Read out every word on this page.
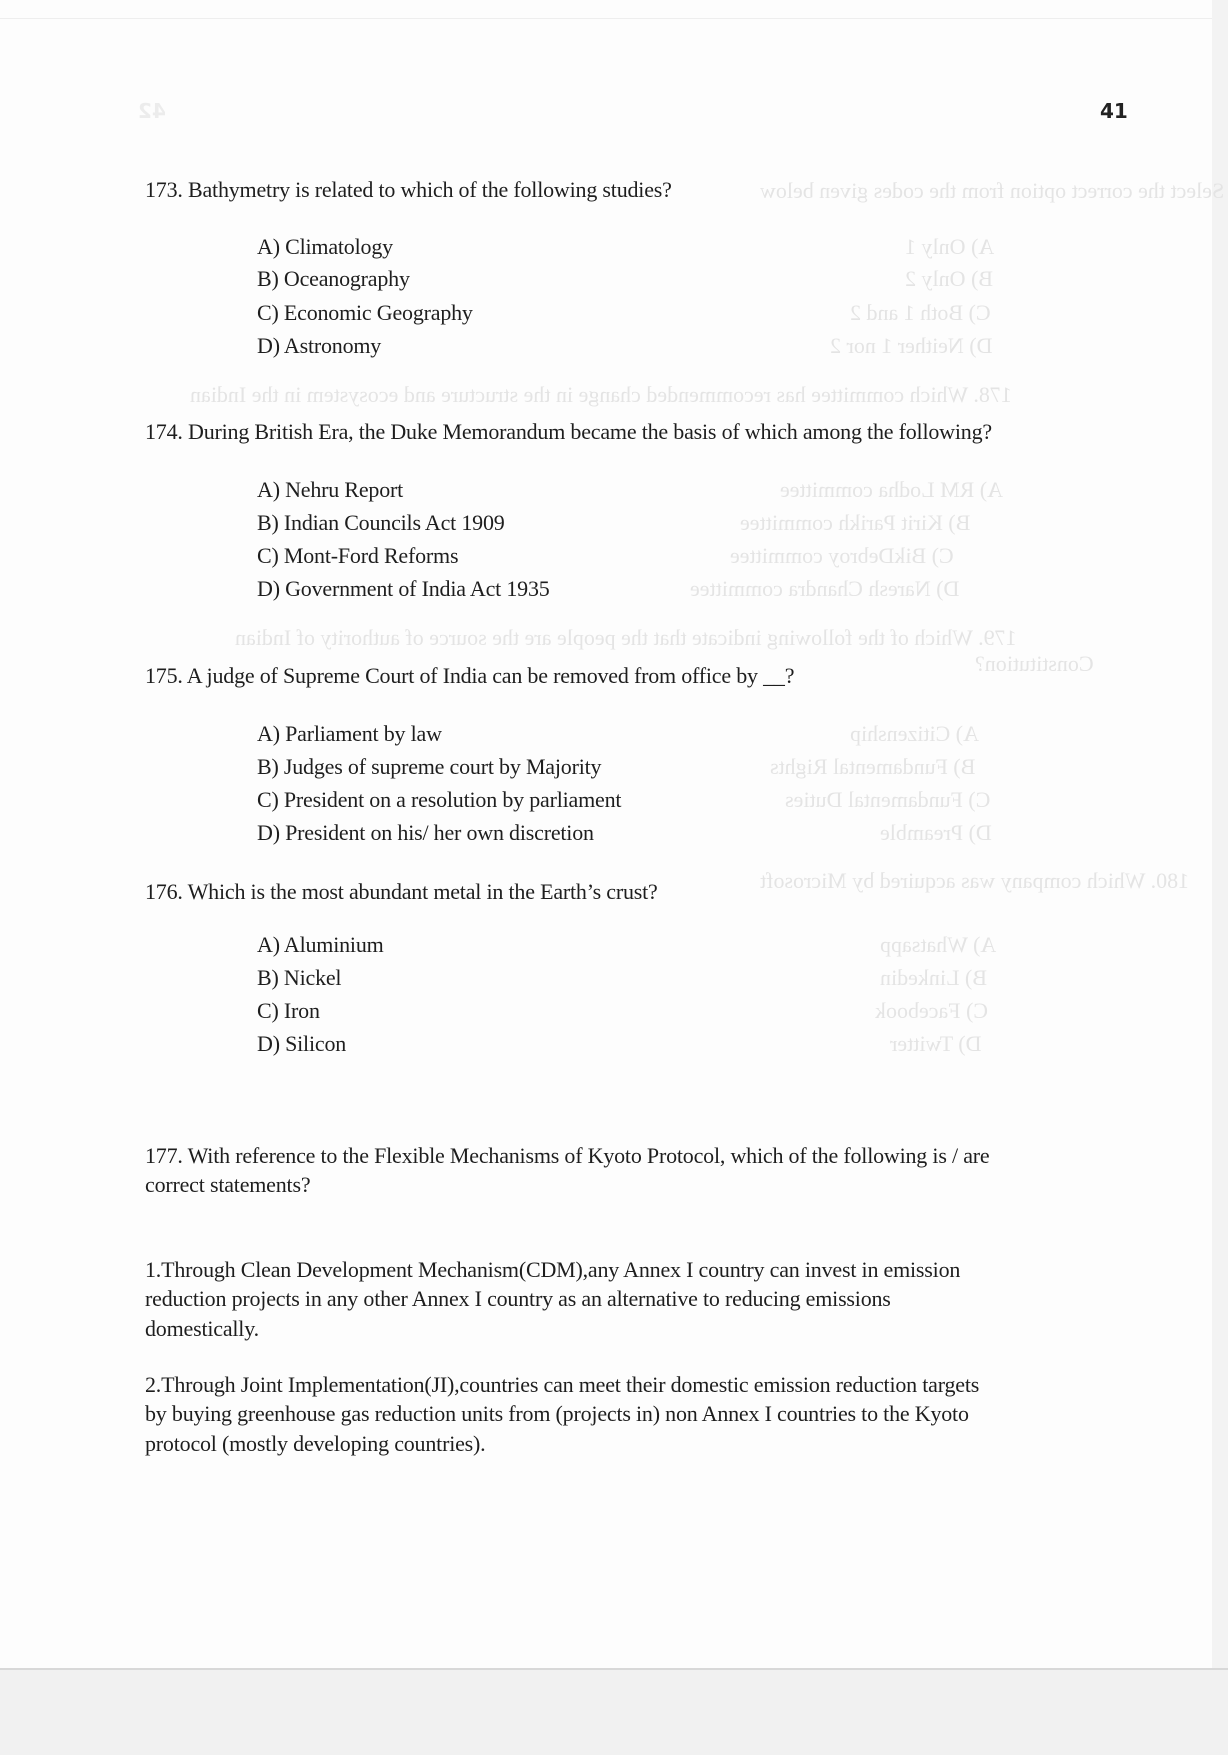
42
Select the correct option from the codes given below
A) Only 1
B) Only 2
C) Both 1 and 2
D) Neither 1 nor 2
178. Which committee has recommended change in the structure and ecosystem in the Indian
A) RM Lodha committee
B) Kirit Parikh committee
C) BikDebroy committee
D) Naresh Chandra committee
179. Which of the following indicate that the people are the source of authority of Indian
Constitution?
A) Citizenship
B) Fundamental Rights
C) Fundamental Duties
D) Preamble
180. Which company was acquired by Microsoft
A) Whatsapp
B) Linkedin
C) Facebook
D) Twitter
41
173. Bathymetry is related to which of the following studies?
A) Climatology
B) Oceanography
C) Economic Geography
D) Astronomy
174. During British Era, the Duke Memorandum became the basis of which among the following?
A) Nehru Report
B) Indian Councils Act 1909
C) Mont-Ford Reforms
D) Government of India Act 1935
175. A judge of Supreme Court of India can be removed from office by __?
A) Parliament by law
B) Judges of supreme court by Majority
C) President on a resolution by parliament
D) President on his/ her own discretion
176. Which is the most abundant metal in the Earth’s crust?
A) Aluminium
B) Nickel
C) Iron
D) Silicon
177. With reference to the Flexible Mechanisms of Kyoto Protocol, which of the following is / are
correct statements?
1.Through Clean Development Mechanism(CDM),any Annex I country can invest in emission
reduction projects in any other Annex I country as an alternative to reducing emissions
domestically.
2.Through Joint Implementation(JI),countries can meet their domestic emission reduction targets
by buying greenhouse gas reduction units from (projects in) non Annex I countries to the Kyoto
protocol (mostly developing countries).
